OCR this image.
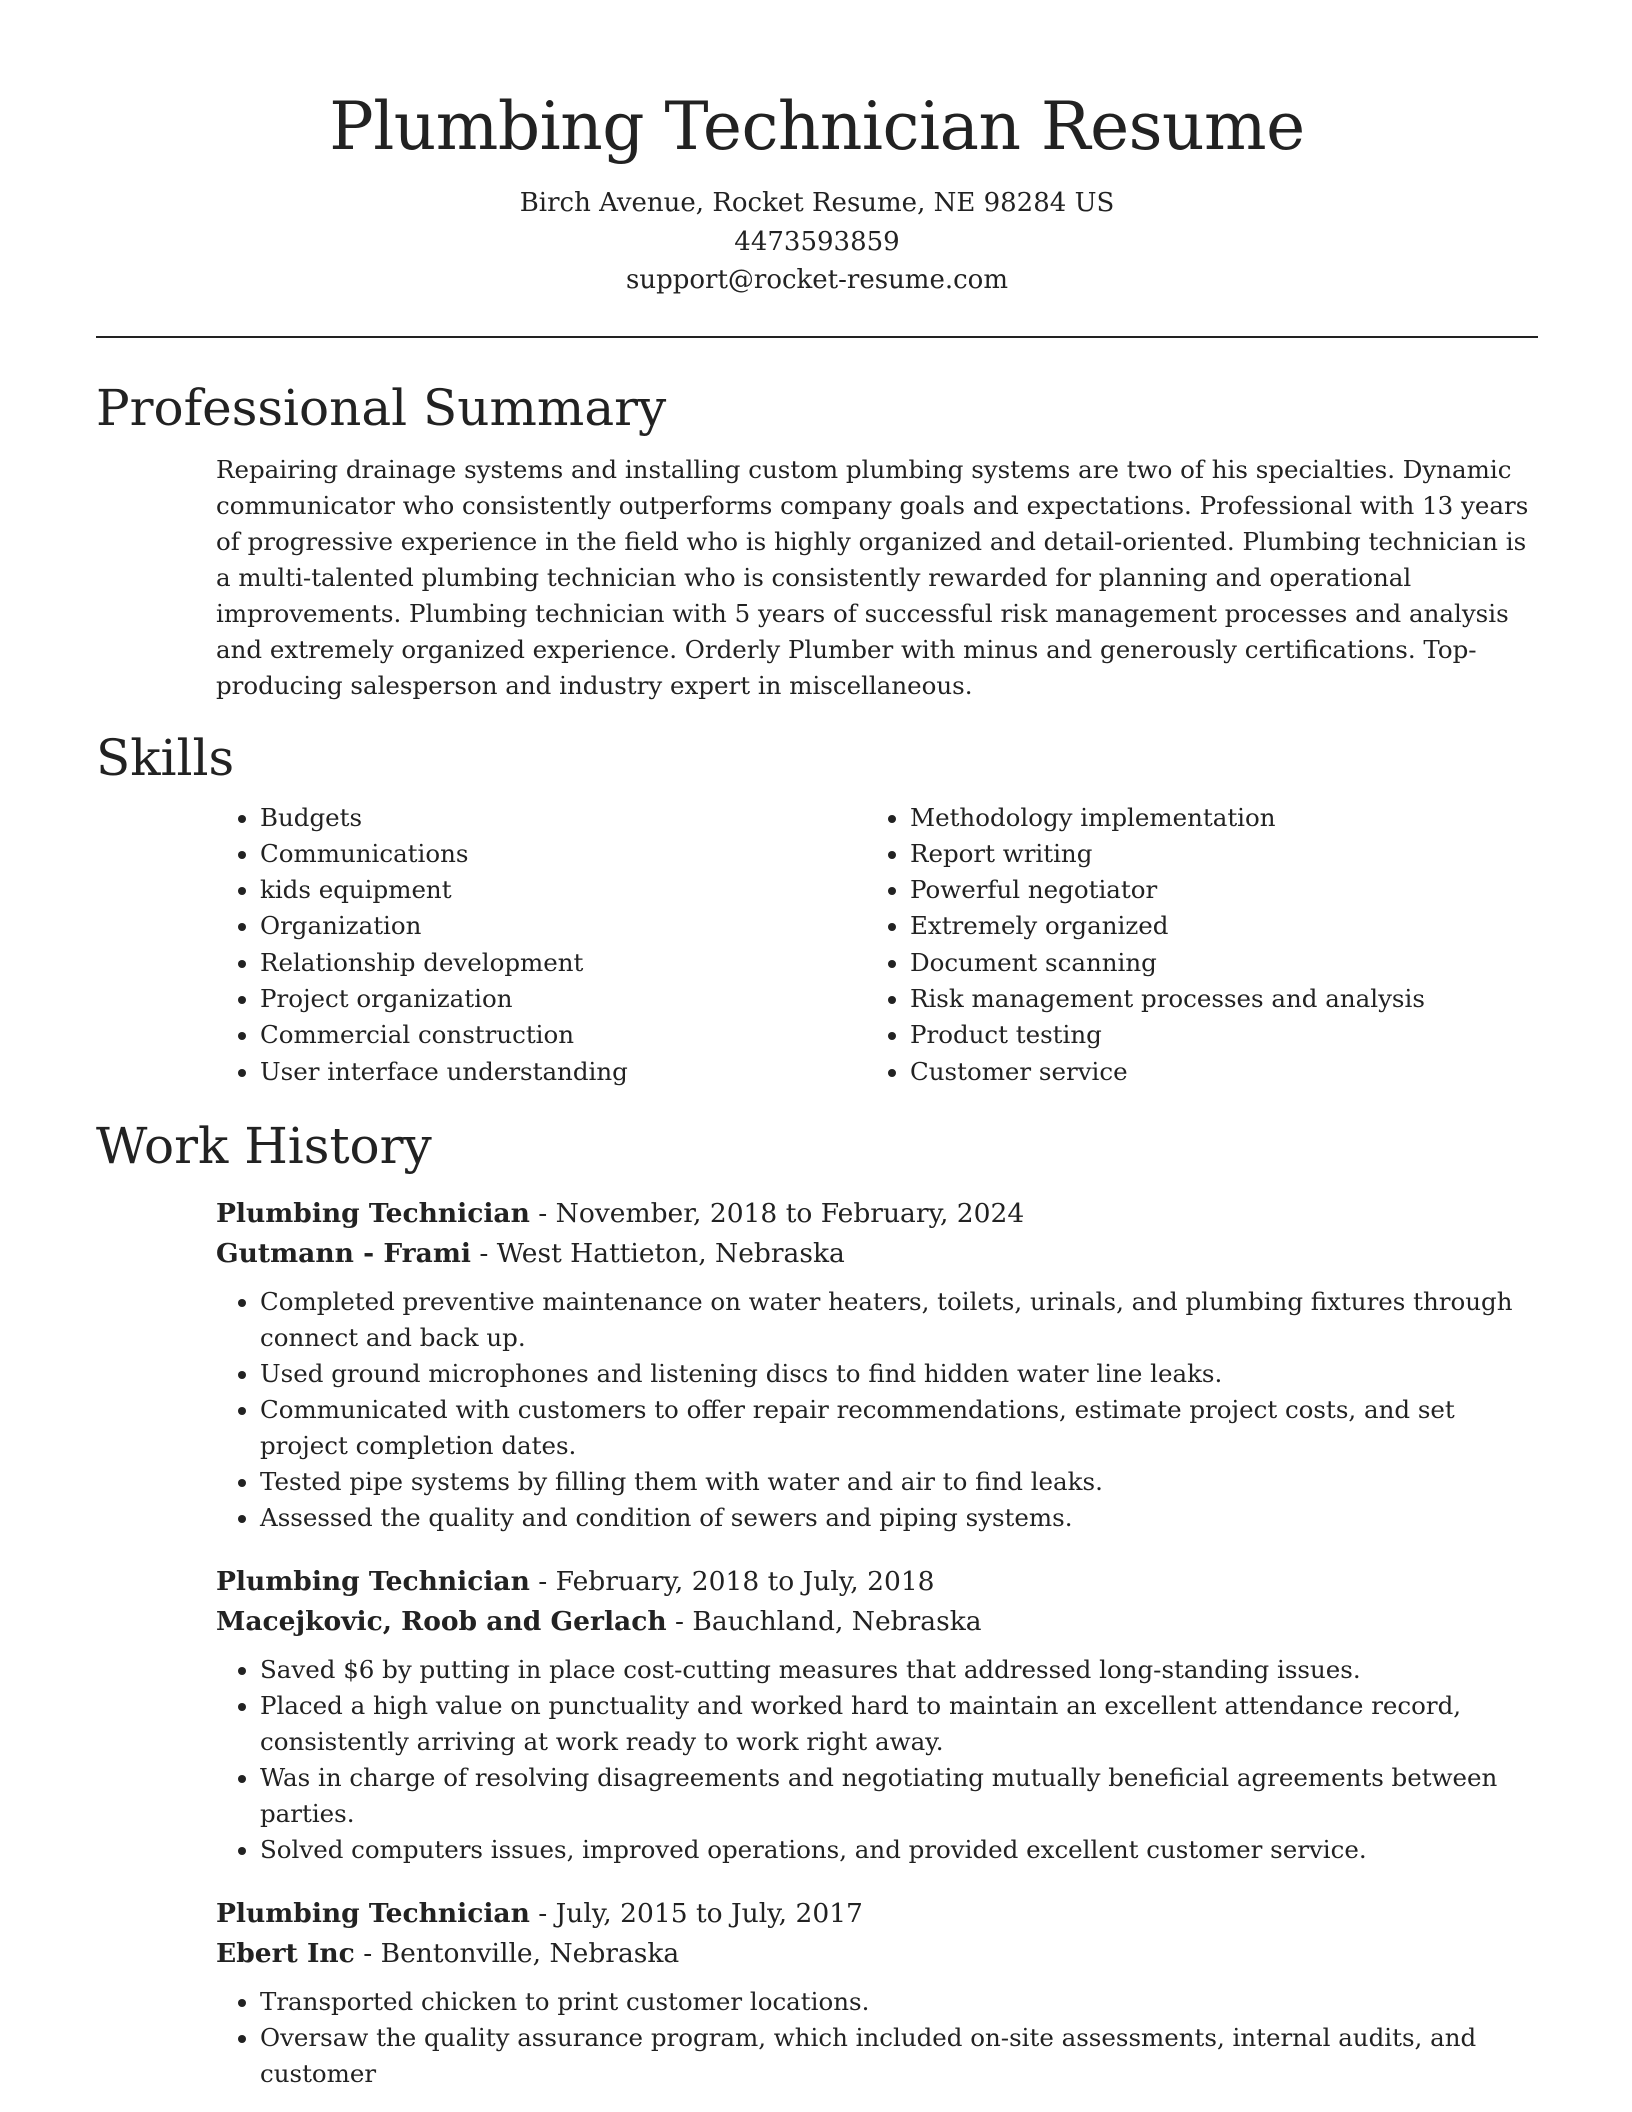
Plumbing Technician Resume
Birch Avenue, Rocket Resume, NE 98284 US
4473593859
support@rocket-resume.com
Professional Summary

Repairing drainage systems and installing custom plumbing systems are two of his specialties. Dynamic communicator who consistently outperforms company goals and expectations. Professional with 13 years of progressive experience in the field who is highly organized and detail-oriented. Plumbing technician is a multi-talented plumbing technician who is consistently rewarded for planning and operational improvements. Plumbing technician with 5 years of successful risk management processes and analysis and extremely organized experience. Orderly Plumber with minus and generously certifications. Top-producing salesperson and industry expert in miscellaneous.

Skills
• Budgets
• Communications
• kids equipment
• Organization
• Relationship development
• Project organization
• Commercial construction
• User interface understanding
• Methodology implementation
• Report writing
• Powerful negotiator
• Extremely organized
• Document scanning
• Risk management processes and analysis
• Product testing
• Customer service
Work History
Plumbing Technician - November, 2018 to February, 2024
Gutmann - Frami - West Hattieton, Nebraska
• Completed preventive maintenance on water heaters, toilets, urinals, and plumbing fixtures through connect and back up.
• Used ground microphones and listening discs to find hidden water line leaks.
• Communicated with customers to offer repair recommendations, estimate project costs, and set project completion dates.
• Tested pipe systems by filling them with water and air to find leaks.
• Assessed the quality and condition of sewers and piping systems.
Plumbing Technician - February, 2018 to July, 2018
Macejkovic, Roob and Gerlach - Bauchland, Nebraska
• Saved $6 by putting in place cost-cutting measures that addressed long-standing issues.
• Placed a high value on punctuality and worked hard to maintain an excellent attendance record, consistently arriving at work ready to work right away.
• Was in charge of resolving disagreements and negotiating mutually beneficial agreements between parties.
• Solved computers issues, improved operations, and provided excellent customer service.
Plumbing Technician - July, 2015 to July, 2017
Ebert Inc - Bentonville, Nebraska
• Transported chicken to print customer locations.
• Oversaw the quality assurance program, which included on-site assessments, internal audits, and customer
